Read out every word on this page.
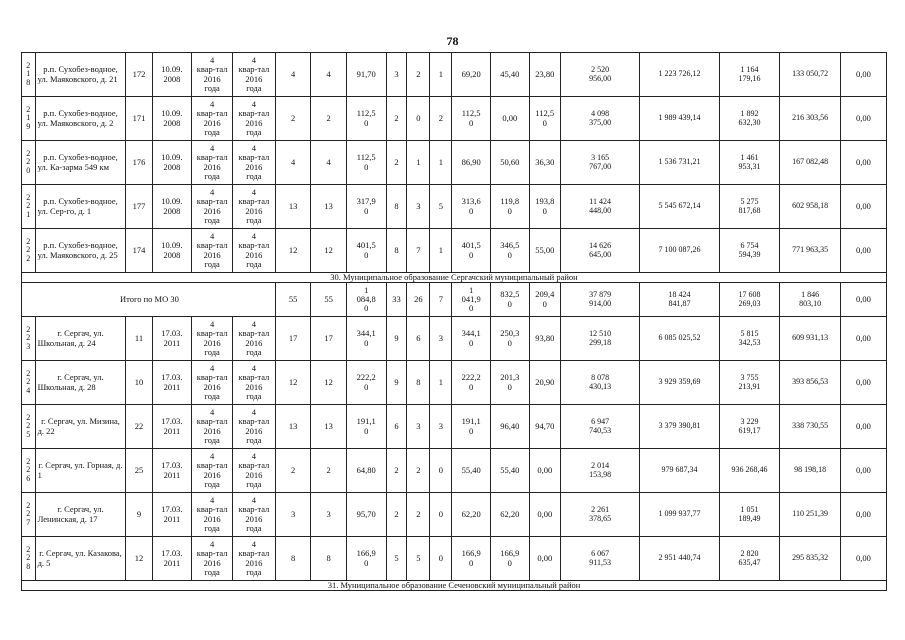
78
2
1
8	р.п. Сухобез-водное, ул. Маяковского, д. 21	172	10.09.
2008	4
квар-тал
2016
года	4
квар-тал
2016
года	4	4	91,70	3	2	1	69,20	45,40	23,80	2 520
956,00	1 223 726,12	1 164
179,16	133 050,72	0,00

2
1
9	р.п. Сухобез-водное, ул. Маяковского, д. 2	171	10.09.
2008	4
квар-тал
2016
года	4
квар-тал
2016
года	2	2	112,5
0	2	0	2	112,5
0	0,00	112,5
0	4 098
375,00	1 989 439,14	1 892
632,30	216 303,56	0,00

2
2
0	р.п. Сухобез-водное, ул. Ка-зарма 549 км	176	10.09.
2008	4
квар-тал
2016
года	4
квар-тал
2016
года	4	4	112,5
0	2	1	1	86,90	50,60	36,30	3 165
767,00	1 536 731,21	1 461
953,31	167 082,48	0,00

2
2
1	р.п. Сухобез-водное, ул. Сер-го, д. 1	177	10.09.
2008	4
квар-тал
2016
года	4
квар-тал
2016
года	13	13	317,9
0	8	3	5	313,6
0	119,8
0	193,8
0	11 424
448,00	5 545 672,14	5 275
817,68	602 958,18	0,00

2
2
2	р.п. Сухобез-водное, ул. Маяковского, д. 25	174	10.09.
2008	4
квар-тал
2016
года	4
квар-тал
2016
года	12	12	401,5
0	8	7	1	401,5
0	346,5
0	55,00	14 626
645,00	7 100 087,26	6 754
594,39	771 963,35	0,00
30. Муниципальное образование Сергачский муниципальный район																			
Итого по МО 30						55	55	1
084,8
0	33	26	7	1
041,9
0	832,5
0	209,4
0	37 879
914,00	18 424
841,87	17 608
269,03	1 846
803,10	0,00

2
2
3	г. Сергач, ул. Школьная, д. 24	11	17.03.
2011	4
квар-тал
2016
года	4
квар-тал
2016
года	17	17	344,1
0	9	6	3	344,1
0	250,3
0	93,80	12 510
299,18	6 085 025,52	5 815
342,53	609 931,13	0,00

2
2
4	г. Сергач, ул. Школьная, д. 28	10	17.03.
2011	4
квар-тал
2016
года	4
квар-тал
2016
года	12	12	222,2
0	9	8	1	222,2
0	201,3
0	20,90	8 078
430,13	3 929 359,69	3 755
213,91	393 856,53	0,00

2
2
5	г. Сергач, ул. Мизина, д. 22	22	17.03.
2011	4
квар-тал
2016
года	4
квар-тал
2016
года	13	13	191,1
0	6	3	3	191,1
0	96,40	94,70	6 947
740,53	3 379 390,81	3 229
619,17	338 730,55	0,00

2
2
6	г. Сергач, ул. Горная, д. 1	25	17.03.
2011	4
квар-тал
2016
года	4
квар-тал
2016
года	2	2	64,80	2	2	0	55,40	55,40	0,00	2 014
153,98	979 687,34	936 268,46	98 198,18	0,00

2
2
7	г. Сергач, ул. Ленинская, д. 17	9	17.03.
2011	4
квар-тал
2016
года	4
квар-тал
2016
года	3	3	95,70	2	2	0	62,20	62,20	0,00	2 261
378,65	1 099 937,77	1 051
189,49	110 251,39	0,00

2
2
8	г. Сергач, ул. Казакова, д. 5	12	17.03.
2011	4
квар-тал
2016
года	4
квар-тал
2016
года	8	8	166,9
0	5	5	0	166,9
0	166,9
0	0,00	6 067
911,53	2 951 440,74	2 820
635,47	295 835,32	0,00
31. Муниципальное образование Сеченовский муниципальный район																			
